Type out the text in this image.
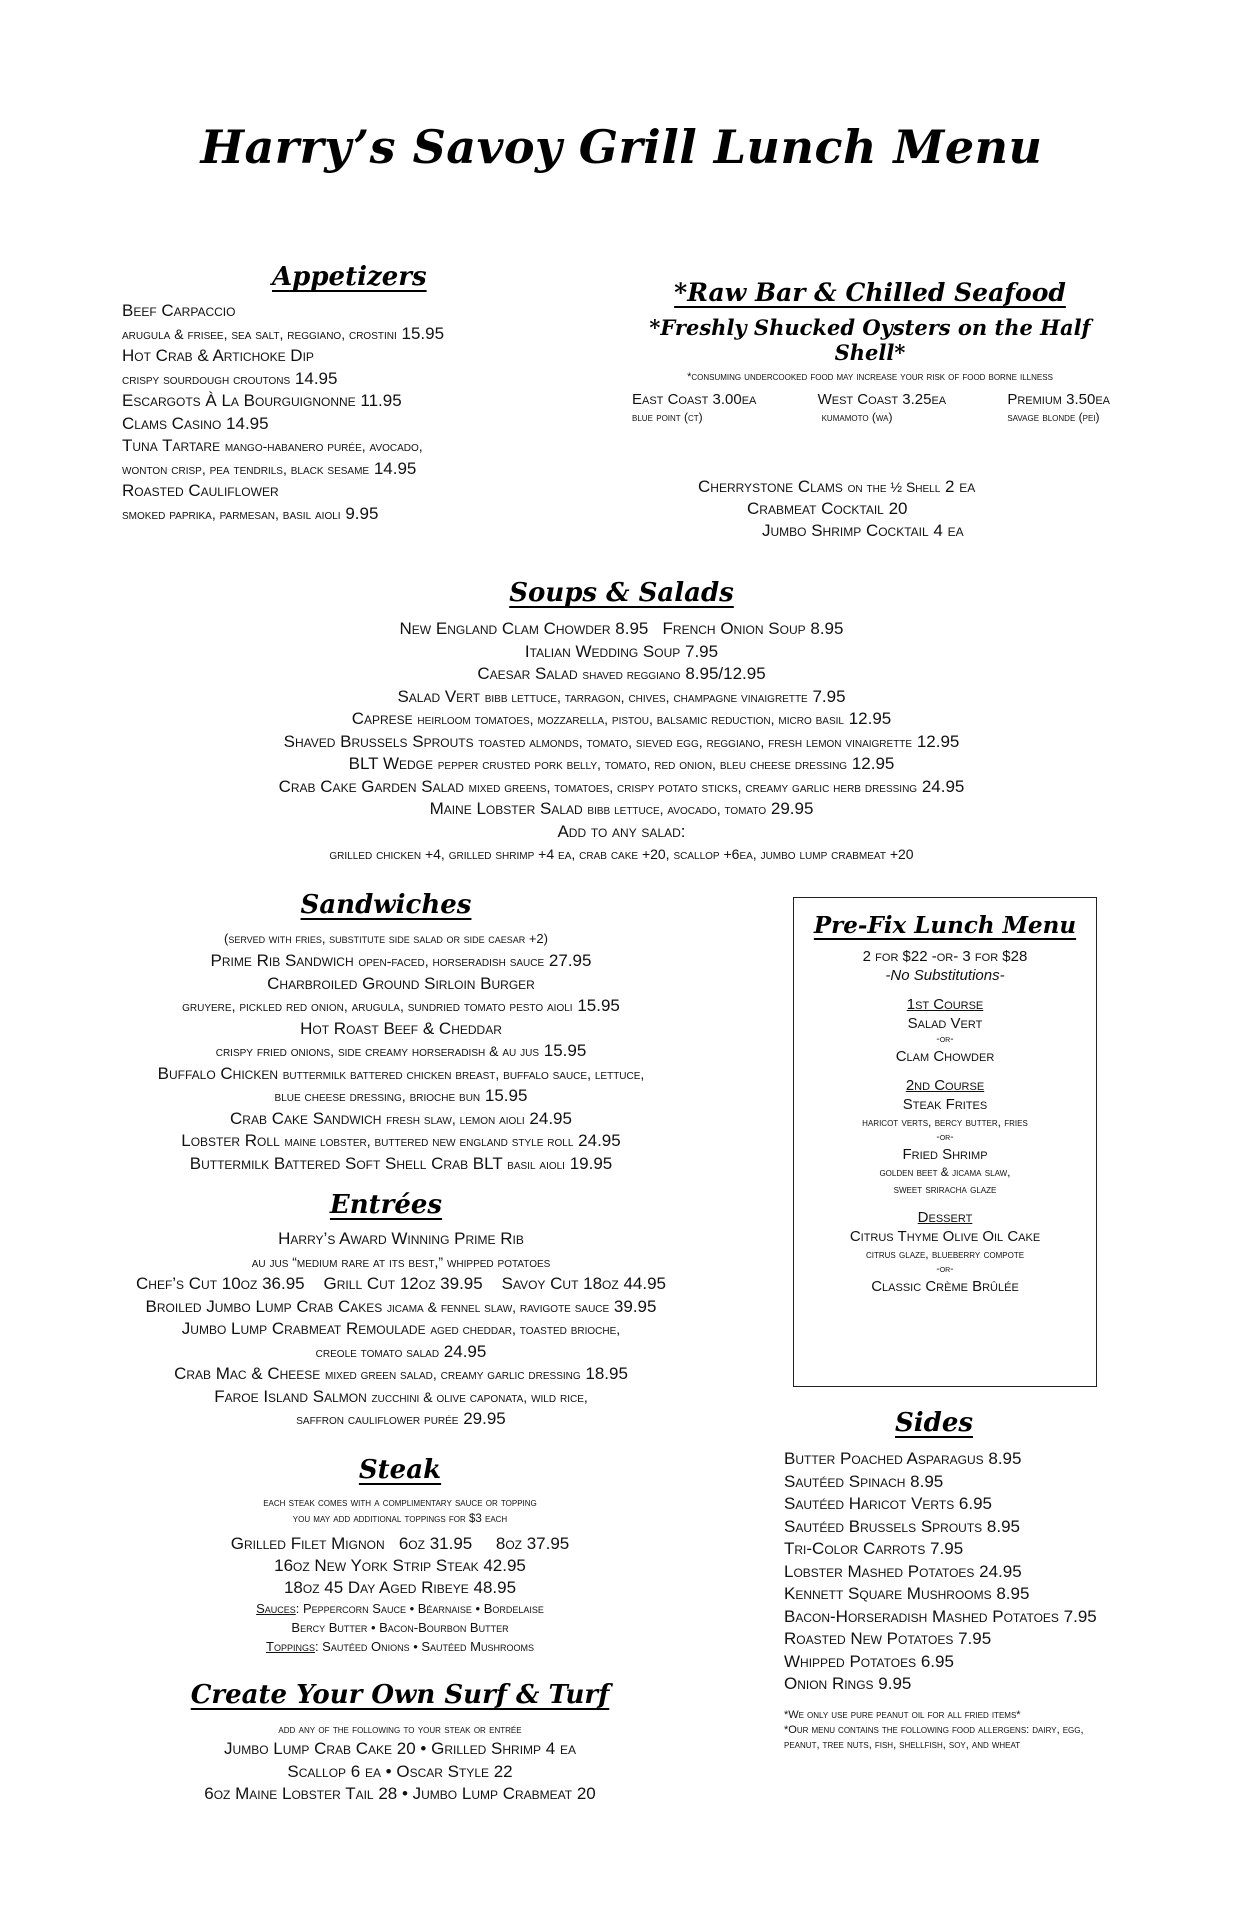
Harry’s Savoy Grill Lunch Menu
Appetizers
Beef Carpaccio
arugula & frisee, sea salt, reggiano, crostini 15.95
Hot Crab & Artichoke Dip
crispy sourdough croutons 14.95
Escargots À La Bourguignonne 11.95
Clams Casino 14.95
Tuna Tartare mango-habanero purée, avocado,
wonton crisp, pea tendrils, black sesame 14.95
Roasted Cauliflower
smoked paprika, parmesan, basil aioli 9.95
*Raw Bar & Chilled Seafood
*Freshly Shucked Oysters on the Half Shell*
*consuming undercooked food may increase your risk of food borne illness
East Coast 3.00ea
blue point (ct)
West Coast 3.25ea
kumamoto (wa)
Premium 3.50ea
savage blonde (pei)
Cherrystone Clams on the ½ Shell 2 ea
Crabmeat Cocktail 20
Jumbo Shrimp Cocktail 4 ea
Soups & Salads
New England Clam Chowder 8.95 French Onion Soup 8.95
Italian Wedding Soup 7.95
Caesar Salad shaved reggiano 8.95/12.95
Salad Vert bibb lettuce, tarragon, chives, champagne vinaigrette 7.95
Caprese heirloom tomatoes, mozzarella, pistou, balsamic reduction, micro basil 12.95
Shaved Brussels Sprouts toasted almonds, tomato, sieved egg, reggiano, fresh lemon vinaigrette 12.95
BLT Wedge pepper crusted pork belly, tomato, red onion, bleu cheese dressing 12.95
Crab Cake Garden Salad mixed greens, tomatoes, crispy potato sticks, creamy garlic herb dressing 24.95
Maine Lobster Salad bibb lettuce, avocado, tomato 29.95
Add to any salad:
grilled chicken +4, grilled shrimp +4 ea, crab cake +20, scallop +6ea, jumbo lump crabmeat +20
Sandwiches
(served with fries, substitute side salad or side caesar +2)
Prime Rib Sandwich open-faced, horseradish sauce 27.95
Charbroiled Ground Sirloin Burger
gruyere, pickled red onion, arugula, sundried tomato pesto aioli 15.95
Hot Roast Beef & Cheddar
crispy fried onions, side creamy horseradish & au jus 15.95
Buffalo Chicken buttermilk battered chicken breast, buffalo sauce, lettuce,
blue cheese dressing, brioche bun 15.95
Crab Cake Sandwich fresh slaw, lemon aioli 24.95
Lobster Roll maine lobster, buttered new england style roll 24.95
Buttermilk Battered Soft Shell Crab BLT basil aioli 19.95
Entrées
Harry’s Award Winning Prime Rib
au jus “medium rare at its best,” whipped potatoes
Chef’s Cut 10oz 36.95 Grill Cut 12oz 39.95 Savoy Cut 18oz 44.95
Broiled Jumbo Lump Crab Cakes jicama & fennel slaw, ravigote sauce 39.95
Jumbo Lump Crabmeat Remoulade aged cheddar, toasted brioche,
creole tomato salad 24.95
Crab Mac & Cheese mixed green salad, creamy garlic dressing 18.95
Faroe Island Salmon zucchini & olive caponata, wild rice,
saffron cauliflower purée 29.95
Steak
each steak comes with a complimentary sauce or topping
you may add additional toppings for $3 each
Grilled Filet Mignon 6oz 31.95 8oz 37.95
16oz New York Strip Steak 42.95
18oz 45 Day Aged Ribeye 48.95
Sauces: Peppercorn Sauce • Béarnaise • Bordelaise
Bercy Butter • Bacon-Bourbon Butter
Toppings: Sautéed Onions • Sautéed Mushrooms
Create Your Own Surf & Turf
add any of the following to your steak or entrée
Jumbo Lump Crab Cake 20 • Grilled Shrimp 4 ea
Scallop 6 ea • Oscar Style 22
6oz Maine Lobster Tail 28 • Jumbo Lump Crabmeat 20
Pre-Fix Lunch Menu
2 for $22 -or- 3 for $28
-No Substitutions-
1st Course
Salad Vert
-or-
Clam Chowder
2nd Course
Steak Frites
haricot verts, bercy butter, fries
-or-
Fried Shrimp
golden beet & jicama slaw,
sweet sriracha glaze
Dessert
Citrus Thyme Olive Oil Cake
citrus glaze, blueberry compote
-or-
Classic Crème Brûlée
Sides
Butter Poached Asparagus 8.95
Sautéed Spinach 8.95
Sautéed Haricot Verts 6.95
Sautéed Brussels Sprouts 8.95
Tri-Color Carrots 7.95
Lobster Mashed Potatoes 24.95
Kennett Square Mushrooms 8.95
Bacon-Horseradish Mashed Potatoes 7.95
Roasted New Potatoes 7.95
Whipped Potatoes 6.95
Onion Rings 9.95
*We only use pure peanut oil for all fried items*
*Our menu contains the following food allergens: dairy, egg, peanut, tree nuts, fish, shellfish, soy, and wheat
